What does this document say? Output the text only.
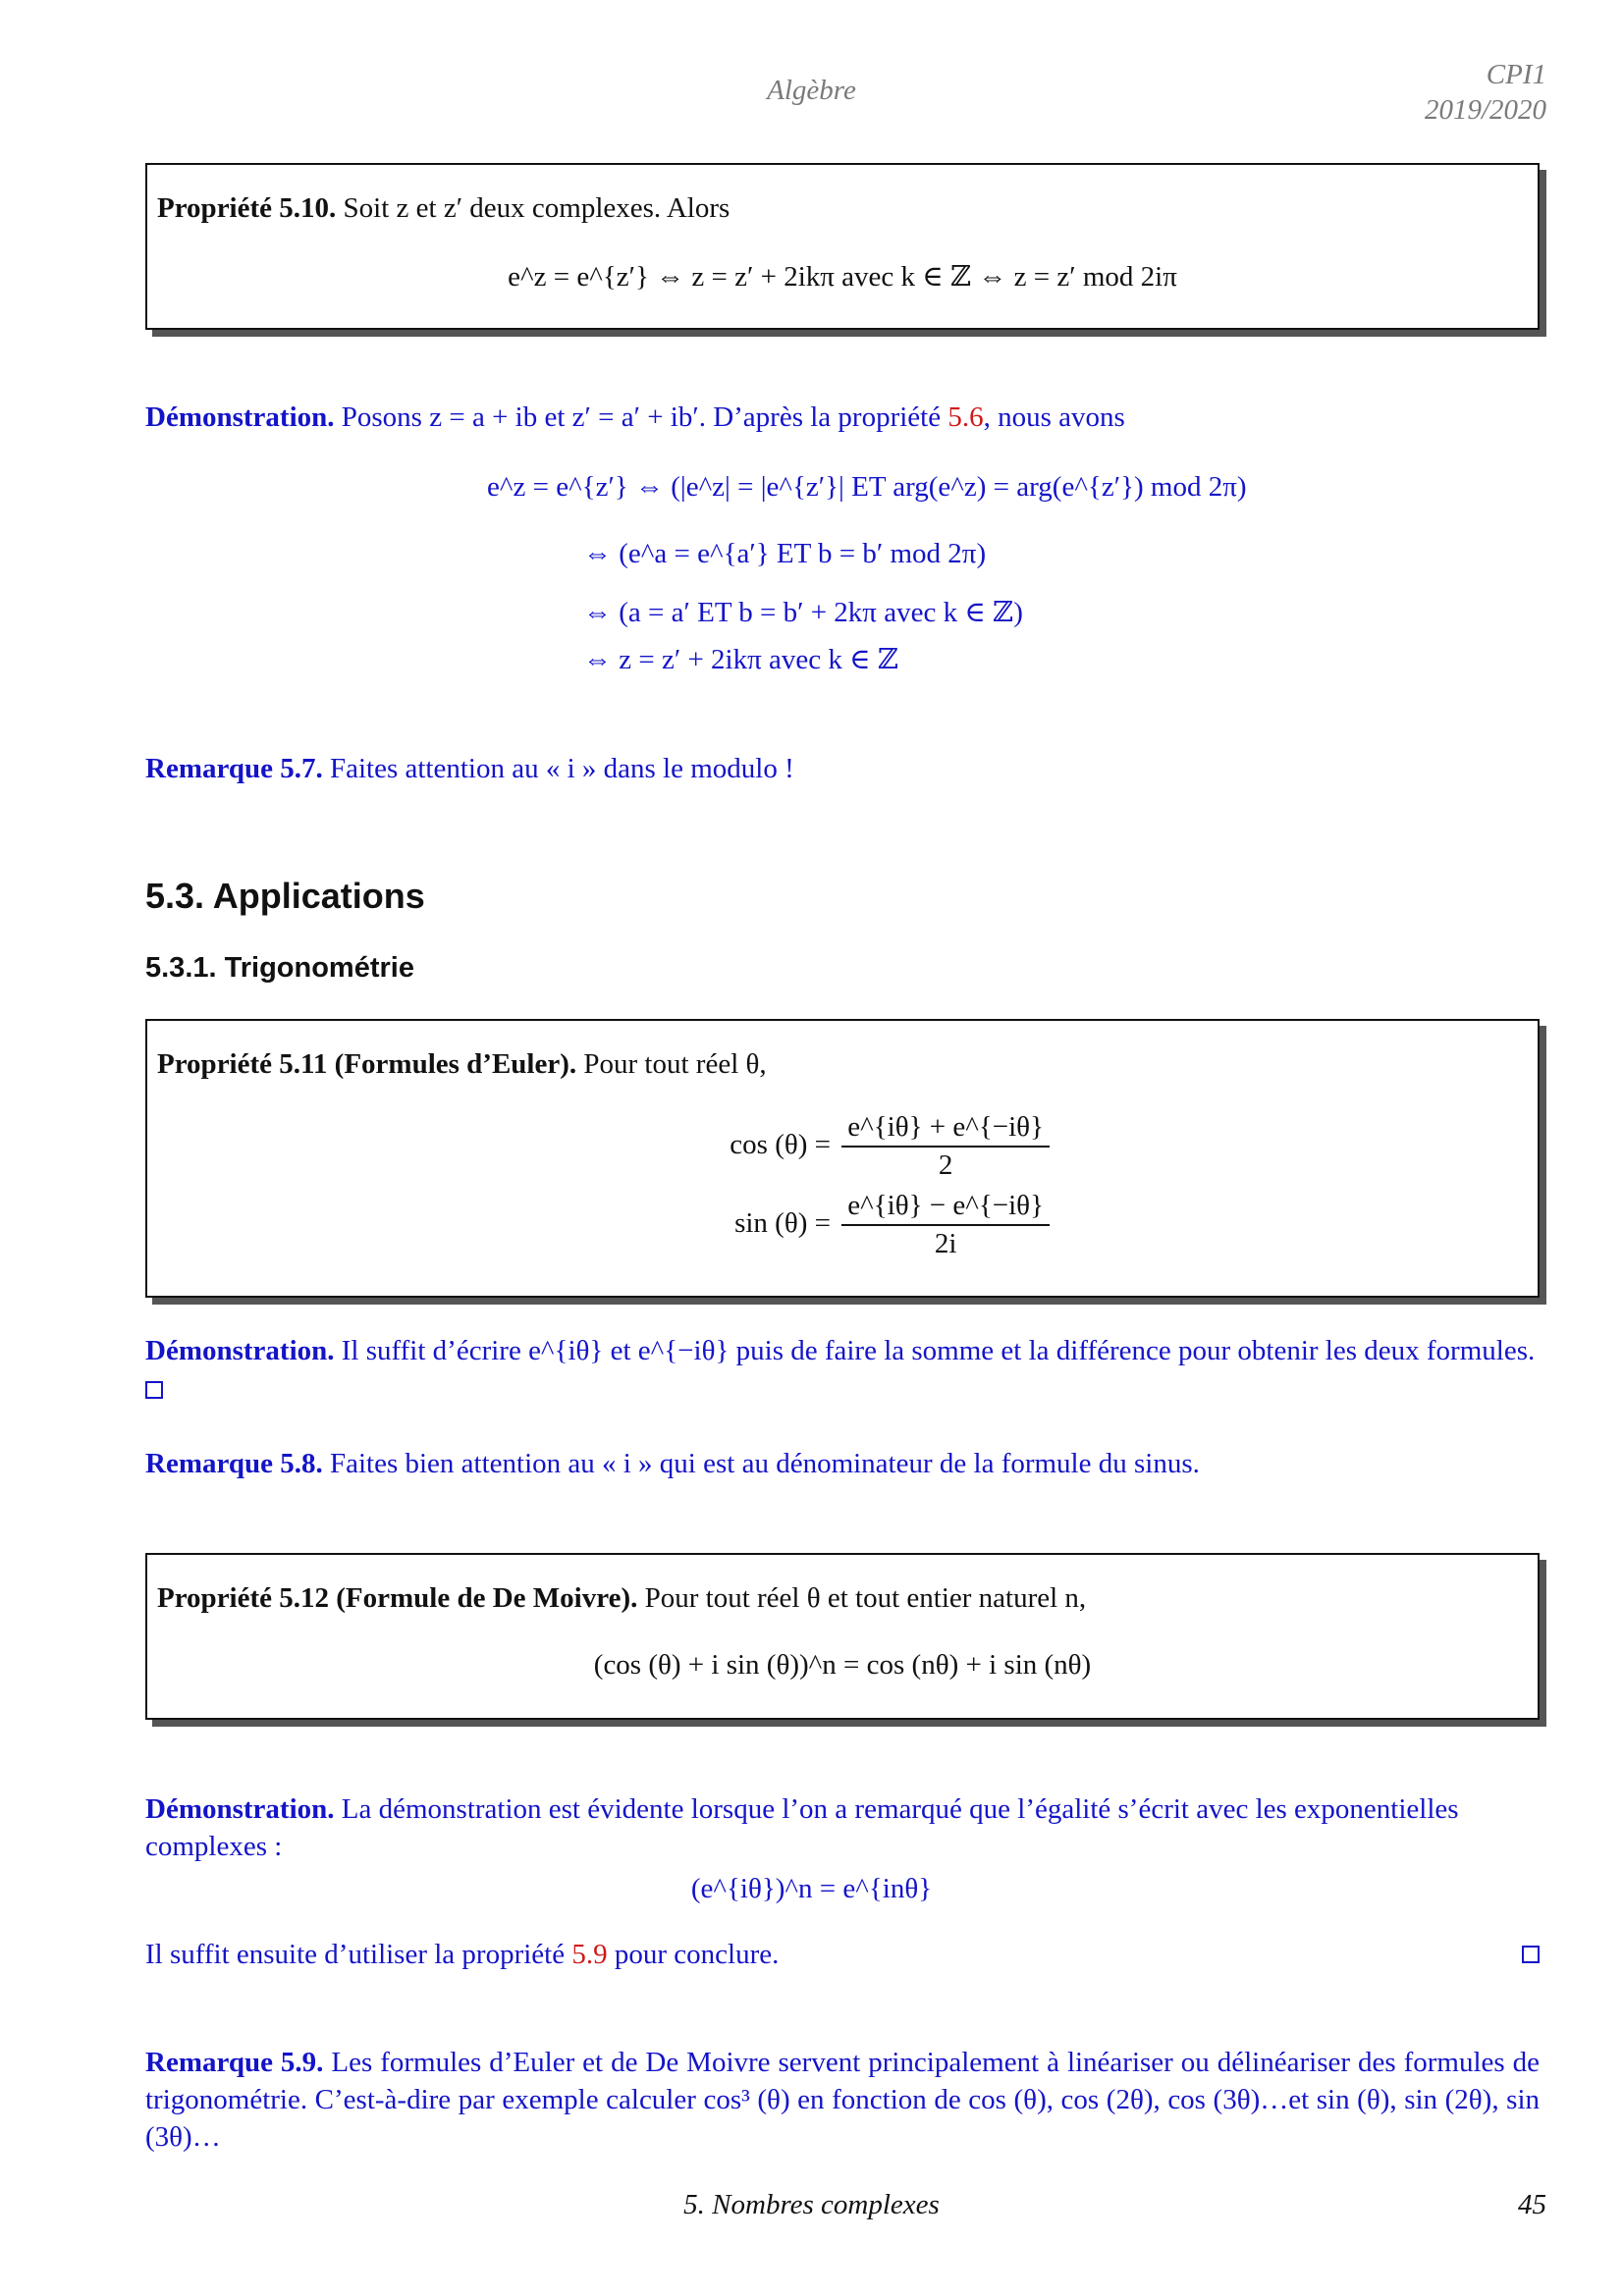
Algèbre	CPI1
2019/2020
Propriété 5.10. Soit z et z′ deux complexes. Alors
e^z = e^{z′} ⇔ z = z′ + 2ikπ avec k ∈ ℤ ⇔ z = z′ mod 2iπ
Démonstration. Posons z = a + ib et z′ = a′ + ib′. D’après la propriété 5.6, nous avons
e^z = e^{z′} ⇔ (|e^z| = |e^{z′}| ET arg(e^z) = arg(e^{z′}) mod 2π)
⇔ (e^a = e^{a′} ET b = b′ mod 2π)
⇔ (a = a′ ET b = b′ + 2kπ avec k ∈ ℤ)
⇔ z = z′ + 2ikπ avec k ∈ ℤ
Remarque 5.7. Faites attention au « i » dans le modulo !
5.3. Applications
5.3.1. Trigonométrie
Propriété 5.11 (Formules d’Euler). Pour tout réel θ,
$\cos (\theta) = \frac{e\^{}\{i\theta\} + e\^{}\{-i\theta\}}{2}$
$\sin (\theta) = \frac{e\^{}\{i\theta\} - e\^{}\{-i\theta\}}{2i}$
Démonstration. Il suffit d’écrire e^{iθ} et e^{−iθ} puis de faire la somme et la différence pour obtenir les deux formules.
Remarque 5.8. Faites bien attention au « i » qui est au dénominateur de la formule du sinus.
Propriété 5.12 (Formule de De Moivre). Pour tout réel θ et tout entier naturel n,
(cos (θ) + i sin (θ))^n = cos (nθ) + i sin (nθ)
Démonstration. La démonstration est évidente lorsque l’on a remarqué que l’égalité s’écrit avec les exponentielles complexes :
(e^{iθ})^n = e^{inθ}
Il suffit ensuite d’utiliser la propriété 5.9 pour conclure.
Remarque 5.9. Les formules d’Euler et de De Moivre servent principalement à linéariser ou délinéariser des formules de trigonométrie. C’est-à-dire par exemple calculer cos³ (θ) en fonction de cos (θ), cos (2θ), cos (3θ)…et sin (θ), sin (2θ), sin (3θ)…
5. Nombres complexes	45
